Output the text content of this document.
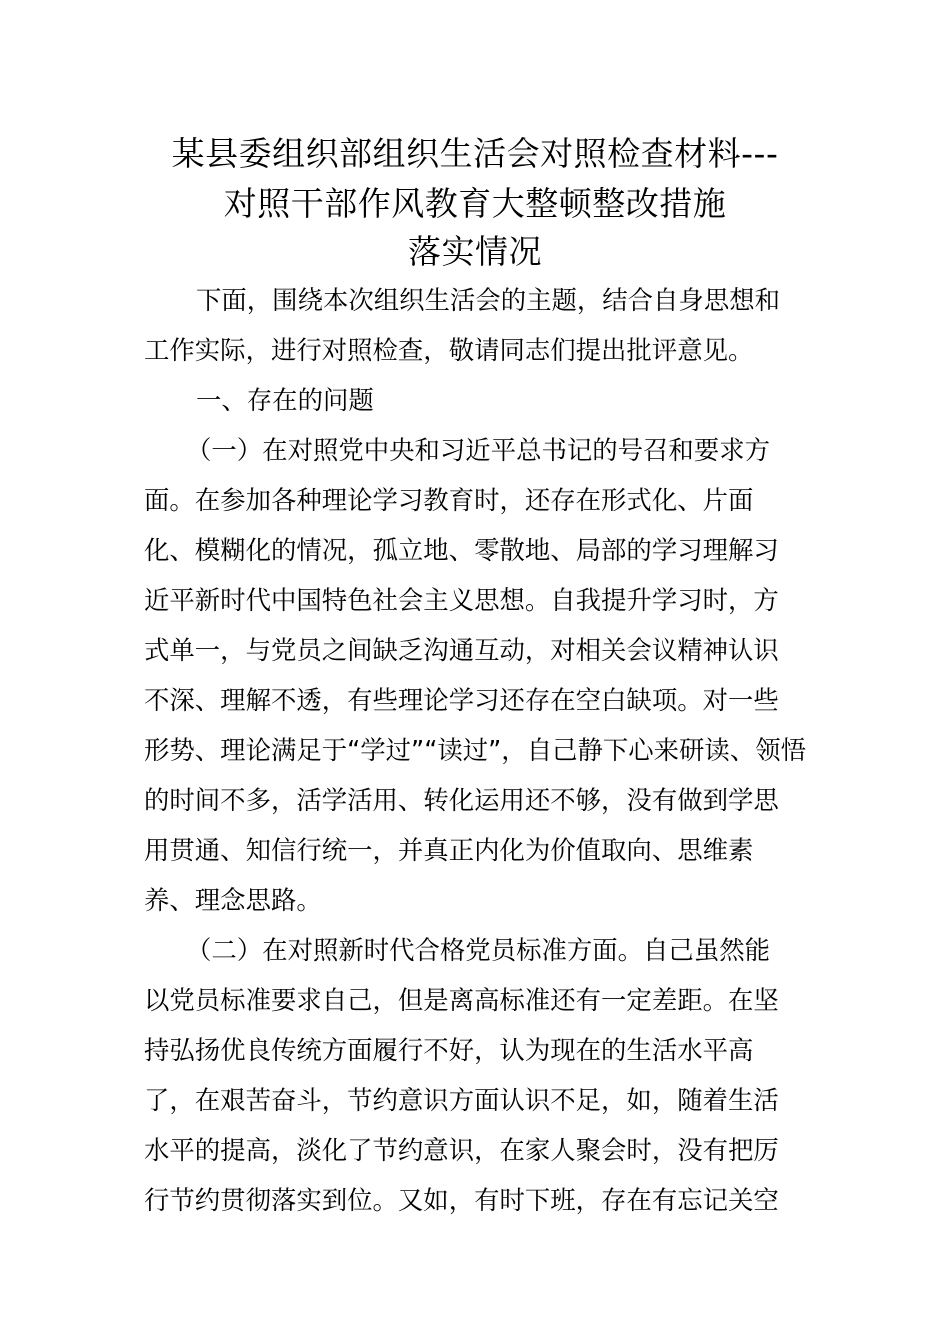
某县委组织部组织生活会对照检查材料---
对照干部作风教育大整顿整改措施
落实情况
下面，围绕本次组织生活会的主题，结合自身思想和
工作实际，进行对照检查，敬请同志们提出批评意见。
一、存在的问题
（一）在对照党中央和习近平总书记的号召和要求方
面。在参加各种理论学习教育时，还存在形式化、片面
化、模糊化的情况，孤立地、零散地、局部的学习理解习
近平新时代中国特色社会主义思想。自我提升学习时，方
式单一，与党员之间缺乏沟通互动，对相关会议精神认识
不深、理解不透，有些理论学习还存在空白缺项。对一些
形势、理论满足于“学过”“读过”，自己静下心来研读、领悟
的时间不多，活学活用、转化运用还不够，没有做到学思
用贯通、知信行统一，并真正内化为价值取向、思维素
养、理念思路。
（二）在对照新时代合格党员标准方面。自己虽然能
以党员标准要求自己，但是离高标准还有一定差距。在坚
持弘扬优良传统方面履行不好，认为现在的生活水平高
了，在艰苦奋斗，节约意识方面认识不足，如，随着生活
水平的提高，淡化了节约意识，在家人聚会时，没有把厉
行节约贯彻落实到位。又如，有时下班，存在有忘记关空
